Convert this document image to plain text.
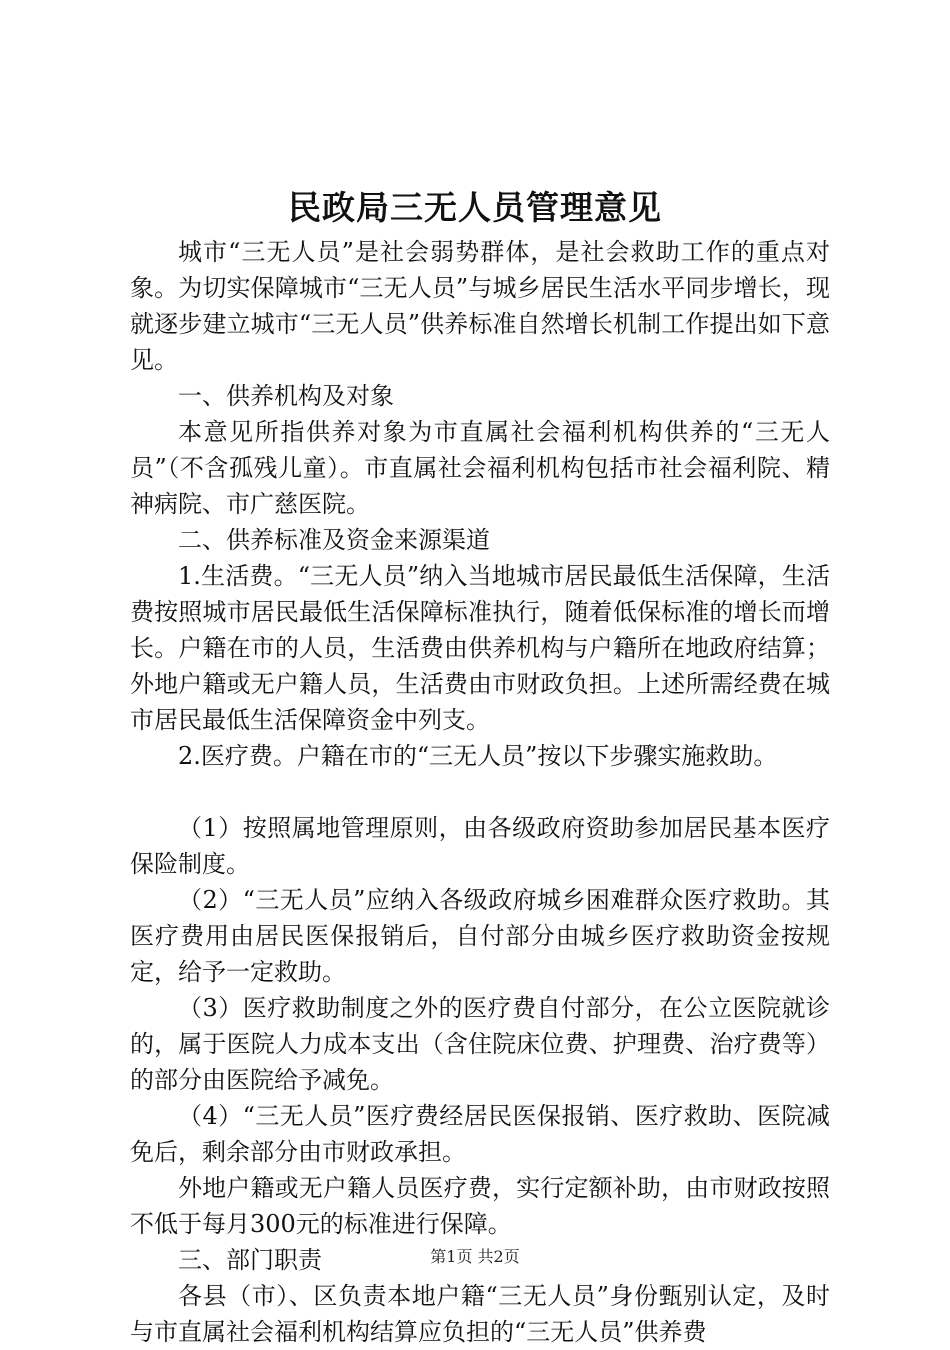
民政局三无人员管理意见

城市“三无人员”是社会弱势群体，是社会救助工作的重点对象。为切实保障城市“三无人员”与城乡居民生活水平同步增长，现就逐步建立城市“三无人员”供养标准自然增长机制工作提出如下意见。

一、供养机构及对象

本意见所指供养对象为市直属社会福利机构供养的“三无人员”（不含孤残儿童）。市直属社会福利机构包括市社会福利院、精神病院、市广慈医院。

二、供养标准及资金来源渠道

1.生活费。“三无人员”纳入当地城市居民最低生活保障，生活费按照城市居民最低生活保障标准执行，随着低保标准的增长而增长。户籍在市的人员，生活费由供养机构与户籍所在地政府结算；外地户籍或无户籍人员，生活费由市财政负担。上述所需经费在城市居民最低生活保障资金中列支。

2.医疗费。户籍在市的“三无人员”按以下步骤实施救助。

（1）按照属地管理原则，由各级政府资助参加居民基本医疗保险制度。

（2）“三无人员”应纳入各级政府城乡困难群众医疗救助。其医疗费用由居民医保报销后，自付部分由城乡医疗救助资金按规定，给予一定救助。

（3）医疗救助制度之外的医疗费自付部分，在公立医院就诊的，属于医院人力成本支出（含住院床位费、护理费、治疗费等）的部分由医院给予减免。

（4）“三无人员”医疗费经居民医保报销、医疗救助、医院减免后，剩余部分由市财政承担。

外地户籍或无户籍人员医疗费，实行定额补助，由市财政按照不低于每月300元的标准进行保障。

三、部门职责

各县（市）、区负责本地户籍“三无人员”身份甄别认定，及时与市直属社会福利机构结算应负担的“三无人员”供养费

第1页 共2页
